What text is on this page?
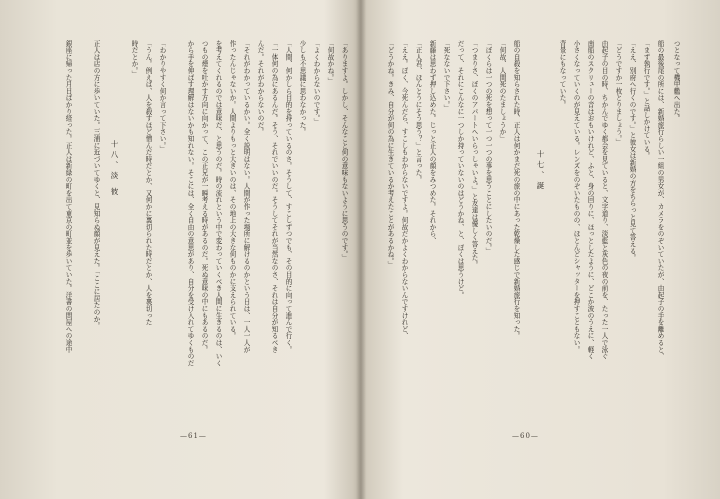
銀座に帰った月日ばかり経った。正人は新緑の町を出て東京の町並を歩いていた。洋書の問屋への途中	正人は店の方に歩いていた。三浦に近づいてゆくと、見知らぬ顔が見えた。「ここに居たのか。	十八、淡 彼
時だとか。」 「うん。例えば、人を殺すほど憎んだ時だとか、又何かに裏切られた時だとか、人を裏切った 「わかりやすく何か言って下さい。」	から手を伸ばす理解はないかも知れない。そこには、全く自由の意思があり、自分を受け入れてゆくものだ つもの煙を吐かす方向に向かって、この正兄が一瞬考える時があるのだ。死ぬ意味の中にもあるのだ。 を考えてくれるのでは意味だ、と思うのだ。時の流れという中で変わっていくべき人間に生きるのは、いく 作ったんじゃないか。人間よりもっと大きいのは、その地上の大きな何ものかに支えられている。 「それがわかっているかい。全く説明はない。人間が作った場所に解けるのかという日は、一人一人が んだ。それがわからないのだ。 「一体何の為にあるんだ。そう、それでいいのだ。そうしてそれが当然なのさ、それは自分が知るべき 「人間、何かしら目的を持っているのさ。そうして、すこしずつでも、その目的に向って進んで行く。 少しも不思議に思わなかった。 「よくわからないのです。」 「何故かね。」 「ありますよ。しかし、そんなこと何の意味もないように思うのです。」
—61—
「どうかね。きみ、自分が何の為に生きているか考えたことがあるかね。」 「ええ。ぼく、今死んだら、すこしもわからないですよ。何故だかよくわからないんですけれど、 「正人君、ほんとうにそう思う？」と言った。 新藤は思わず押し込めた。じっと正人の顔をみつめた。それから、 「死なないで下さい。」 だって、それにこんなに一つしか持っていないのはどうかね、と、ぼくは思うけど。 「つまりさ、ぼくのアパートへいらっしゃいよ。」と友達は優しく答えた。 「ぼくらは一つの死を想って一つ一つの事を思うことにしたいのだ。」 「何故、人間死のたましょうか」 船の自殺を知らされた時、正人は何かまだ死の旅の中にあった乾燥した感じで新婚旅行を知った。	十七、誕
背景にもなっていた。 小さくなっていくのが見えている。レンズをのぞいたものの、ほとんどシャッターを押すこともない。 南船のスクリューの音はおもいけれど、ふと、身の回りに、ほっとしたように、どこか波のうえに、軽く 由起子の目の時、ちかんでゆく都会を見ていると、文字道り、淡藍と灰色の夜の前を、たった一人で泳ぐ 「どうですか一枚とりましょう。」 「ええ、別府へ行くのです。」と彼女は新婚の方をちらっと見て答える。 「まず執行です。」と話しかけている。 船の最後尾の所には、新婚旅行らしい一組の男女が、カメラをのぞいていたが、由起子の手を離めると、	つとなって機甲艦へ出た。
—60—
